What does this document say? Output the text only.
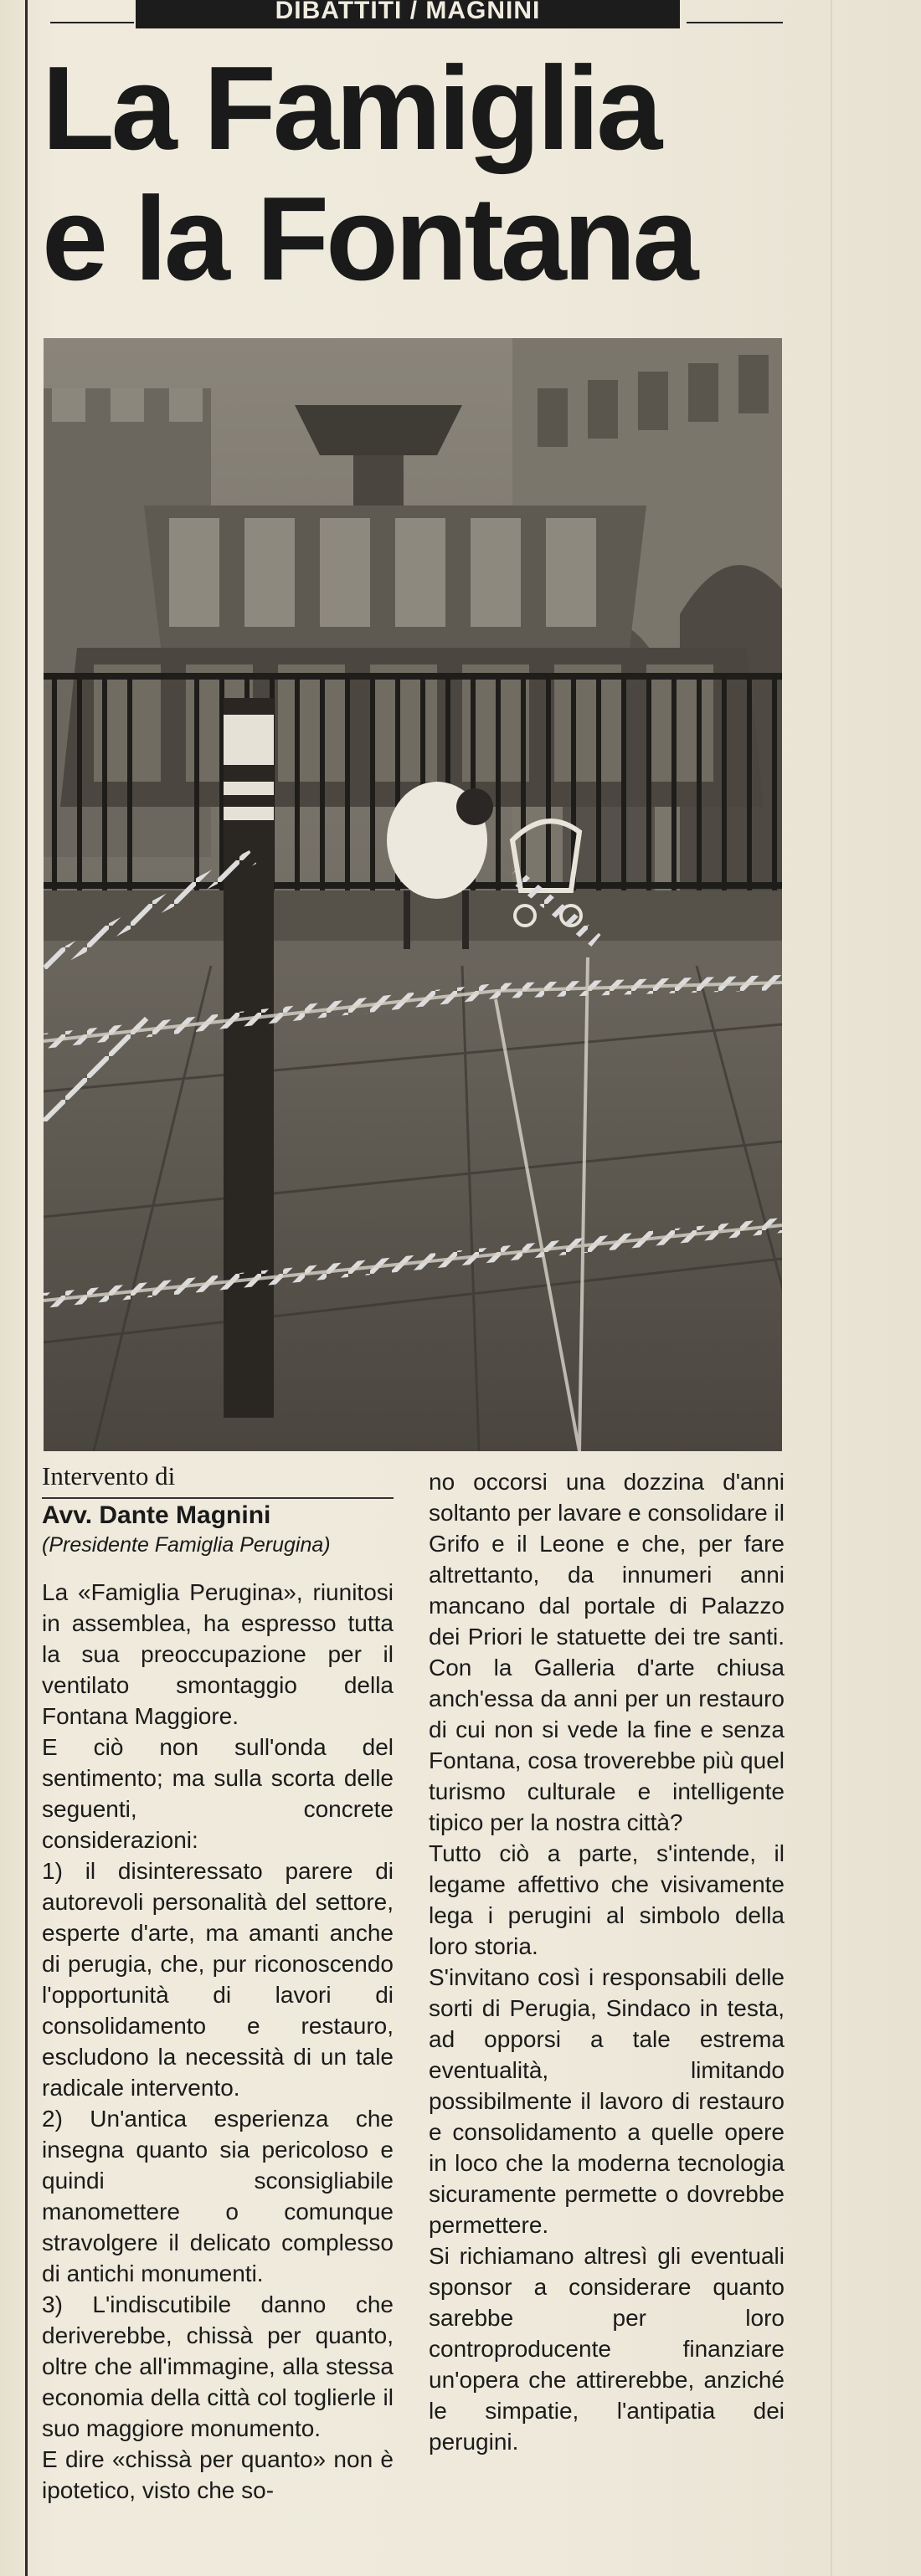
DIBATTITI / MAGNINI
La Famiglia
e la Fontana
Intervento di
Avv. Dante Magnini
(Presidente Famiglia Perugina)

La «Famiglia Perugina», riunitosi in assemblea, ha espresso tutta la sua preoccupazione per il ventilato smontaggio della Fontana Maggiore.

E ciò non sull'onda del sentimento; ma sulla scorta delle seguenti, concrete considerazioni:

1) il disinteressato parere di autorevoli personalità del settore, esperte d'arte, ma amanti anche di perugia, che, pur riconoscendo l'opportunità di lavori di consolidamento e restauro, escludono la necessità di un tale radicale intervento.

2) Un'antica esperienza che insegna quanto sia pericoloso e quindi sconsigliabile manomettere o comunque stravolgere il delicato complesso di antichi monumenti.

3) L'indiscutibile danno che deriverebbe, chissà per quanto, oltre che all'immagine, alla stessa economia della città col toglierle il suo maggiore monumento.

E dire «chissà per quanto» non è ipotetico, visto che so-

no occorsi una dozzina d'anni soltanto per lavare e consolidare il Grifo e il Leone e che, per fare altrettanto, da innumeri anni mancano dal portale di Palazzo dei Priori le statuette dei tre santi. Con la Galleria d'arte chiusa anch'essa da anni per un restauro di cui non si vede la fine e senza Fontana, cosa troverebbe più quel turismo culturale e intelligente tipico per la nostra città?

Tutto ciò a parte, s'intende, il legame affettivo che visivamente lega i perugini al simbolo della loro storia.

S'invitano così i responsabili delle sorti di Perugia, Sindaco in testa, ad opporsi a tale estrema eventualità, limitando possibilmente il lavoro di restauro e consolidamento a quelle opere in loco che la moderna tecnologia sicuramente permette o dovrebbe permettere.

Si richiamano altresì gli eventuali sponsor a considerare quanto sarebbe per loro controproducente finanziare un'opera che attirerebbe, anziché le simpatie, l'antipatia dei perugini.
